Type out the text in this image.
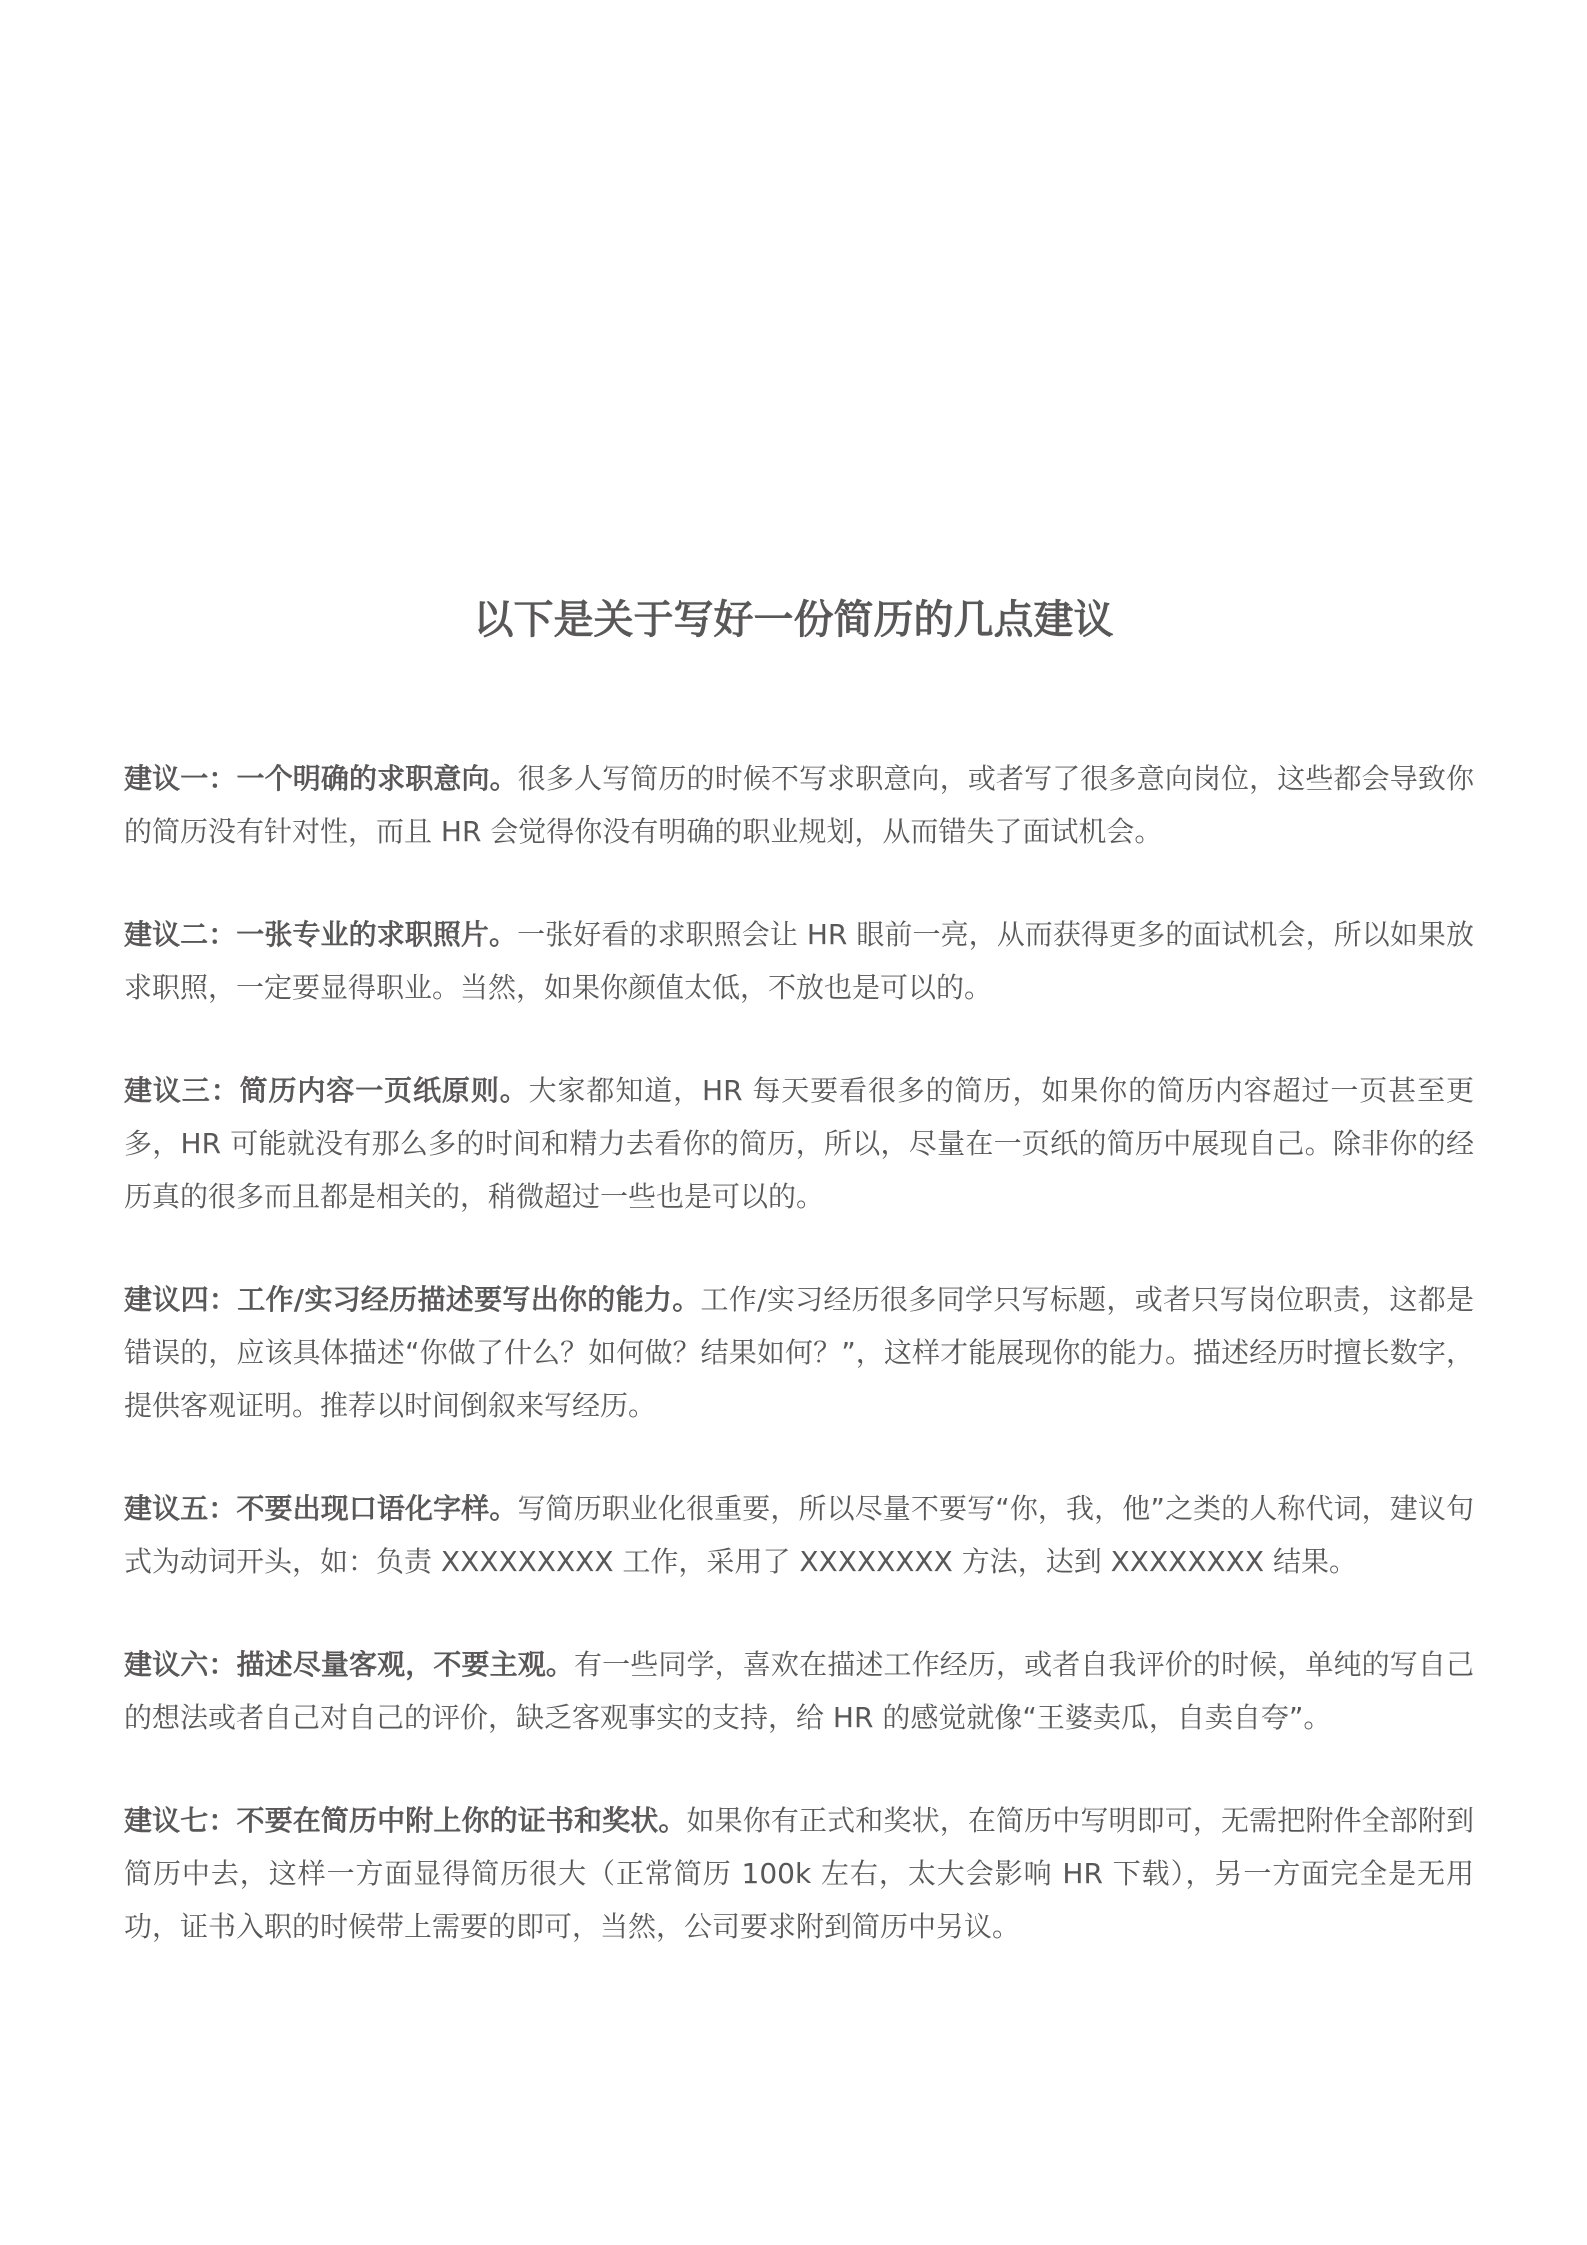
以下是关于写好一份简历的几点建议

建议一：一个明确的求职意向。很多人写简历的时候不写求职意向，或者写了很多意向岗位，这些都会导致你的简历没有针对性，而且 HR 会觉得你没有明确的职业规划，从而错失了面试机会。

建议二：一张专业的求职照片。一张好看的求职照会让 HR 眼前一亮，从而获得更多的面试机会，所以如果放求职照，一定要显得职业。当然，如果你颜值太低，不放也是可以的。

建议三：简历内容一页纸原则。大家都知道，HR 每天要看很多的简历，如果你的简历内容超过一页甚至更多，HR 可能就没有那么多的时间和精力去看你的简历，所以，尽量在一页纸的简历中展现自己。除非你的经历真的很多而且都是相关的，稍微超过一些也是可以的。

建议四：工作/实习经历描述要写出你的能力。工作/实习经历很多同学只写标题，或者只写岗位职责，这都是错误的，应该具体描述“你做了什么？如何做？结果如何？”，这样才能展现你的能力。描述经历时擅长数字，提供客观证明。推荐以时间倒叙来写经历。

建议五：不要出现口语化字样。写简历职业化很重要，所以尽量不要写“你，我，他”之类的人称代词，建议句式为动词开头，如：负责 XXXXXXXXX 工作，采用了 XXXXXXXX 方法，达到 XXXXXXXX 结果。

建议六：描述尽量客观，不要主观。有一些同学，喜欢在描述工作经历，或者自我评价的时候，单纯的写自己的想法或者自己对自己的评价，缺乏客观事实的支持，给 HR 的感觉就像“王婆卖瓜，自卖自夸”。

建议七：不要在简历中附上你的证书和奖状。如果你有正式和奖状，在简历中写明即可，无需把附件全部附到简历中去，这样一方面显得简历很大（正常简历 100k 左右，太大会影响 HR 下载），另一方面完全是无用功，证书入职的时候带上需要的即可，当然，公司要求附到简历中另议。
